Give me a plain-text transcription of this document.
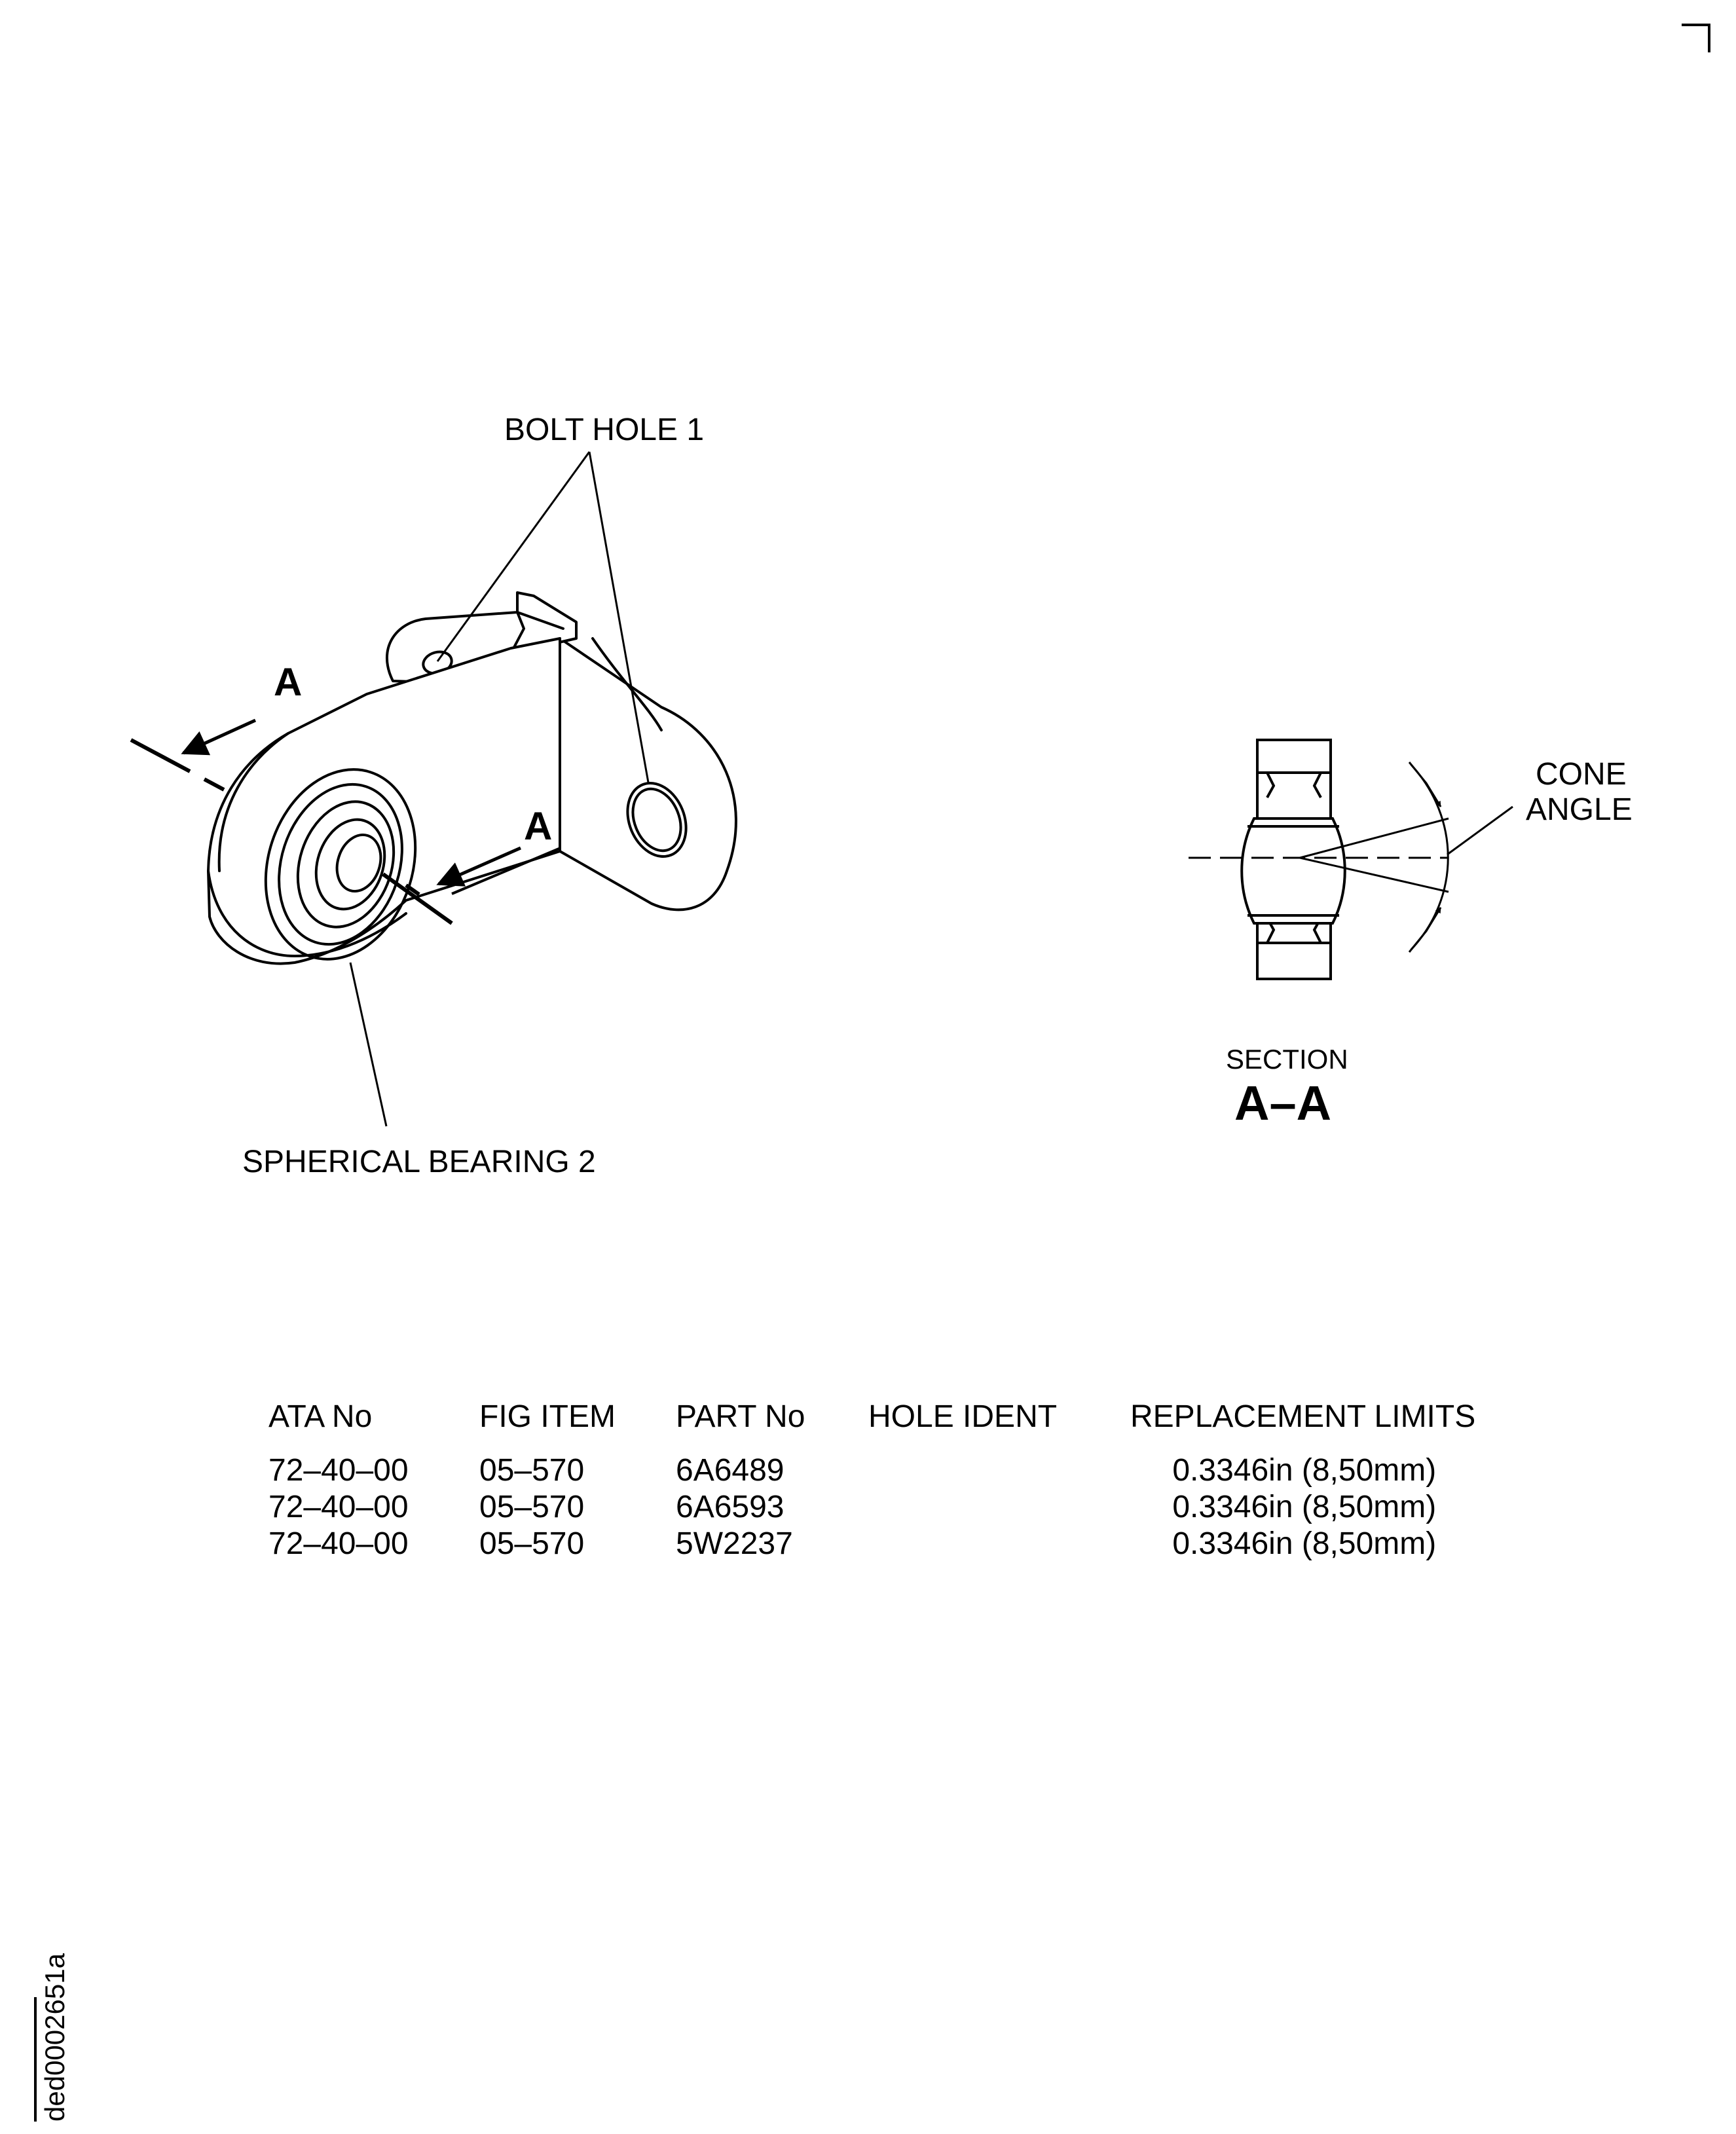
BOLT HOLE 1
A
A
SPHERICAL BEARING 2
CONE
ANGLE
SECTION
A–A
ATA No	FIG ITEM	PART No	HOLE IDENT	REPLACEMENT LIMITS
72–40–00	05–570	6A6489		0.3346in (8,50mm)
72–40–00	05–570	6A6593		0.3346in (8,50mm)
72–40–00	05–570	5W2237		0.3346in (8,50mm)
ded0002651a
